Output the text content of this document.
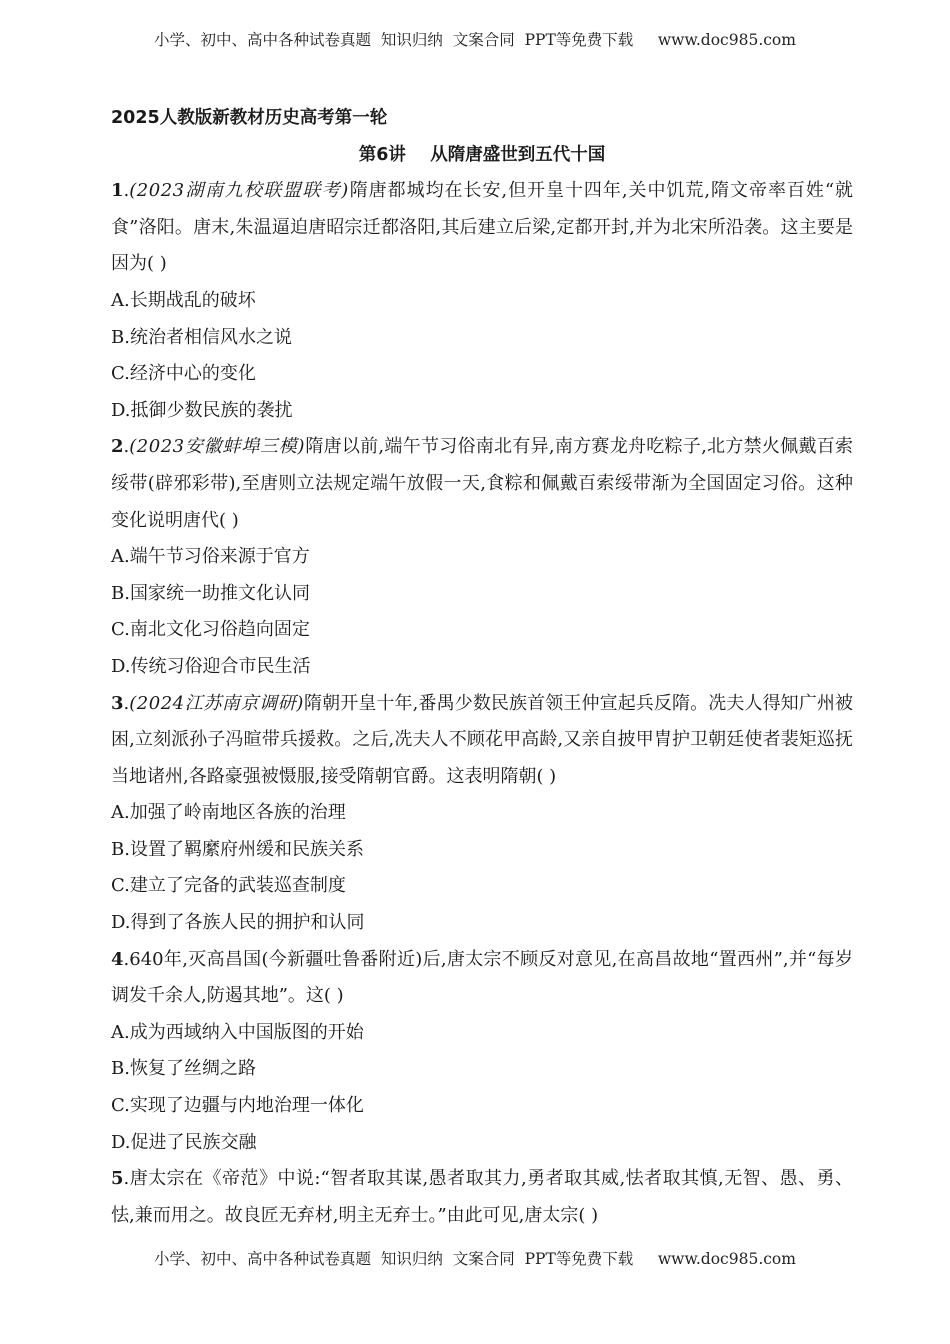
小学、初中、高中各种试卷真题  知识归纳  文案合同  PPT等免费下载     www.doc985.com

2025人教版新教材历史高考第一轮

第6讲    从隋唐盛世到五代十国

1.(2023湖南九校联盟联考)隋唐都城均在长安,但开皇十四年,关中饥荒,隋文帝率百姓“就食”洛阳。唐末,朱温逼迫唐昭宗迁都洛阳,其后建立后梁,定都开封,并为北宋所沿袭。这主要是因为( )

A.长期战乱的破坏

B.统治者相信风水之说

C.经济中心的变化

D.抵御少数民族的袭扰

2.(2023安徽蚌埠三模)隋唐以前,端午节习俗南北有异,南方赛龙舟吃粽子,北方禁火佩戴百索绥带(辟邪彩带),至唐则立法规定端午放假一天,食粽和佩戴百索绥带渐为全国固定习俗。这种变化说明唐代( )

A.端午节习俗来源于官方

B.国家统一助推文化认同

C.南北文化习俗趋向固定

D.传统习俗迎合市民生活

3.(2024江苏南京调研)隋朝开皇十年,番禺少数民族首领王仲宣起兵反隋。冼夫人得知广州被困,立刻派孙子冯暄带兵援救。之后,冼夫人不顾花甲高龄,又亲自披甲胄护卫朝廷使者裴矩巡抚当地诸州,各路豪强被慑服,接受隋朝官爵。这表明隋朝( )

A.加强了岭南地区各族的治理

B.设置了羁縻府州缓和民族关系

C.建立了完备的武装巡查制度

D.得到了各族人民的拥护和认同

4.640年,灭高昌国(今新疆吐鲁番附近)后,唐太宗不顾反对意见,在高昌故地“置西州”,并“每岁调发千余人,防遏其地”。这( )

A.成为西域纳入中国版图的开始

B.恢复了丝绸之路

C.实现了边疆与内地治理一体化

D.促进了民族交融

5.唐太宗在《帝范》中说:“智者取其谋,愚者取其力,勇者取其威,怯者取其慎,无智、愚、勇、怯,兼而用之。故良匠无弃材,明主无弃士。”由此可见,唐太宗( )

小学、初中、高中各种试卷真题  知识归纳  文案合同  PPT等免费下载     www.doc985.com
